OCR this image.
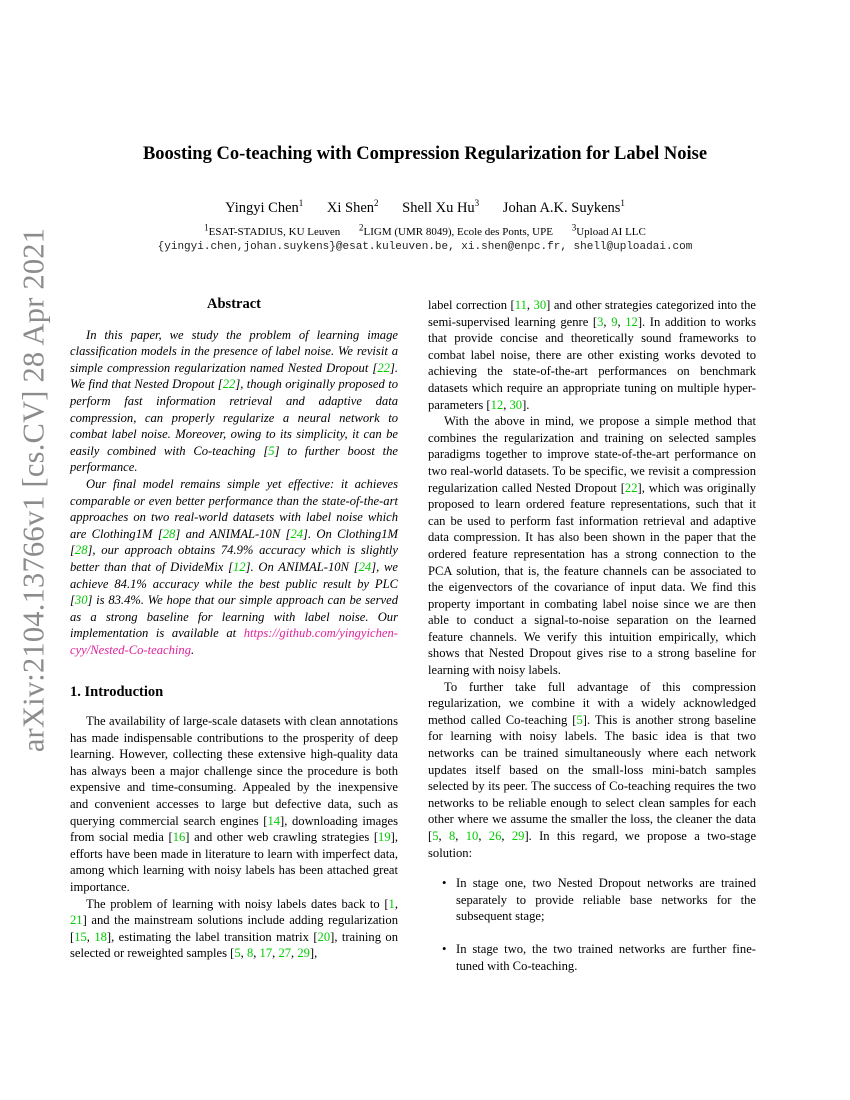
arXiv:2104.13766v1 [cs.CV] 28 Apr 2021
Boosting Co-teaching with Compression Regularization for Label Noise
Yingyi Chen$^1$ Xi Shen$^2$ Shell Xu Hu$^3$ Johan A.K. Suykens$^1$
$^1$ESAT-STADIUS, KU Leuven $^2$LIGM (UMR 8049), Ecole des Ponts, UPE $^3$Upload AI LLC
{yingyi.chen,johan.suykens}@esat.kuleuven.be, xi.shen@enpc.fr, shell@uploadai.com
Abstract

In this paper, we study the problem of learning image classification models in the presence of label noise. We revisit a simple compression regularization named Nested Dropout [22]. We find that Nested Dropout [22], though originally proposed to perform fast information retrieval and adaptive data compression, can properly regularize a neural network to combat label noise. Moreover, owing to its simplicity, it can be easily combined with Co-teaching [5] to further boost the performance.

Our final model remains simple yet effective: it achieves comparable or even better performance than the state-of-the-art approaches on two real-world datasets with label noise which are Clothing1M [28] and ANIMAL-10N [24]. On Clothing1M [28], our approach obtains 74.9% accuracy which is slightly better than that of DivideMix [12]. On ANIMAL-10N [24], we achieve 84.1% accuracy while the best public result by PLC [30] is 83.4%. We hope that our simple approach can be served as a strong baseline for learning with label noise. Our implementation is available at https://github.com/yingyichen-cyy/Nested-Co-teaching.

1. Introduction

The availability of large-scale datasets with clean annotations has made indispensable contributions to the prosperity of deep learning. However, collecting these extensive high-quality data has always been a major challenge since the procedure is both expensive and time-consuming. Appealed by the inexpensive and convenient accesses to large but defective data, such as querying commercial search engines [14], downloading images from social media [16] and other web crawling strategies [19], efforts have been made in literature to learn with imperfect data, among which learning with noisy labels has been attached great importance.

The problem of learning with noisy labels dates back to [1, 21] and the mainstream solutions include adding regularization [15, 18], estimating the label transition matrix [20], training on selected or reweighted samples [5, 8, 17, 27, 29],

label correction [11, 30] and other strategies categorized into the semi-supervised learning genre [3, 9, 12]. In addition to works that provide concise and theoretically sound frameworks to combat label noise, there are other existing works devoted to achieving the state-of-the-art performances on benchmark datasets which require an appropriate tuning on multiple hyper-parameters [12, 30].

With the above in mind, we propose a simple method that combines the regularization and training on selected samples paradigms together to improve state-of-the-art performance on two real-world datasets. To be specific, we revisit a compression regularization called Nested Dropout [22], which was originally proposed to learn ordered feature representations, such that it can be used to perform fast information retrieval and adaptive data compression. It has also been shown in the paper that the ordered feature representation has a strong connection to the PCA solution, that is, the feature channels can be associated to the eigenvectors of the covariance of input data. We find this property important in combating label noise since we are then able to conduct a signal-to-noise separation on the learned feature channels. We verify this intuition empirically, which shows that Nested Dropout gives rise to a strong baseline for learning with noisy labels.

To further take full advantage of this compression regularization, we combine it with a widely acknowledged method called Co-teaching [5]. This is another strong baseline for learning with noisy labels. The basic idea is that two networks can be trained simultaneously where each network updates itself based on the small-loss mini-batch samples selected by its peer. The success of Co-teaching requires the two networks to be reliable enough to select clean samples for each other where we assume the smaller the loss, the cleaner the data [5, 8, 10, 26, 29]. In this regard, we propose a two-stage solution:

• In stage one, two Nested Dropout networks are trained separately to provide reliable base networks for the subsequent stage;
• In stage two, the two trained networks are further fine-tuned with Co-teaching.
